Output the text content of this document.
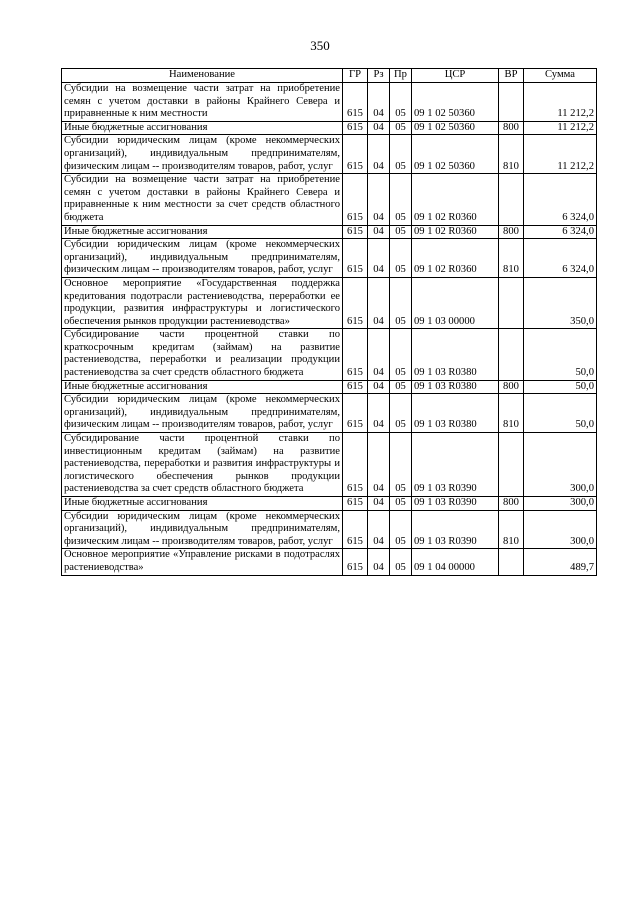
350
Наименование	ГР	Рз	Пр	ЦСР	ВР	Сумма
Субсидии на возмещение части затрат на приобретение семян с учетом доставки в районы Крайнего Севера и приравненные к ним местности	615	04	05	09 1 02 50360		11 212,2
Иные бюджетные ассигнования	615	04	05	09 1 02 50360	800	11 212,2
Субсидии юридическим лицам (кроме некоммерческих организаций), индивидуальным предпринимателям, физическим лицам -- производителям товаров, работ, услуг	615	04	05	09 1 02 50360	810	11 212,2
Субсидии на возмещение части затрат на приобретение семян с учетом доставки в районы Крайнего Севера и приравненные к ним местности за счет средств областного бюджета	615	04	05	09 1 02 R0360		6 324,0
Иные бюджетные ассигнования	615	04	05	09 1 02 R0360	800	6 324,0
Субсидии юридическим лицам (кроме некоммерческих организаций), индивидуальным предпринимателям, физическим лицам -- производителям товаров, работ, услуг	615	04	05	09 1 02 R0360	810	6 324,0
Основное мероприятие «Государственная поддержка кредитования подотрасли растениеводства, переработки ее продукции, развития инфраструктуры и логистического обеспечения рынков продукции растениеводства»	615	04	05	09 1 03 00000		350,0
Субсидирование части процентной ставки по краткосрочным кредитам (займам) на развитие растениеводства, переработки и реализации продукции растениеводства за счет средств областного бюджета	615	04	05	09 1 03 R0380		50,0
Иные бюджетные ассигнования	615	04	05	09 1 03 R0380	800	50,0
Субсидии юридическим лицам (кроме некоммерческих организаций), индивидуальным предпринимателям, физическим лицам -- производителям товаров, работ, услуг	615	04	05	09 1 03 R0380	810	50,0
Субсидирование части процентной ставки по инвестиционным кредитам (займам) на развитие растениеводства, переработки и развития инфраструктуры и логистического обеспечения рынков продукции растениеводства за счет средств областного бюджета	615	04	05	09 1 03 R0390		300,0
Иные бюджетные ассигнования	615	04	05	09 1 03 R0390	800	300,0
Субсидии юридическим лицам (кроме некоммерческих организаций), индивидуальным предпринимателям, физическим лицам -- производителям товаров, работ, услуг	615	04	05	09 1 03 R0390	810	300,0
Основное мероприятие «Управление рисками в подотраслях растениеводства»	615	04	05	09 1 04 00000		489,7
